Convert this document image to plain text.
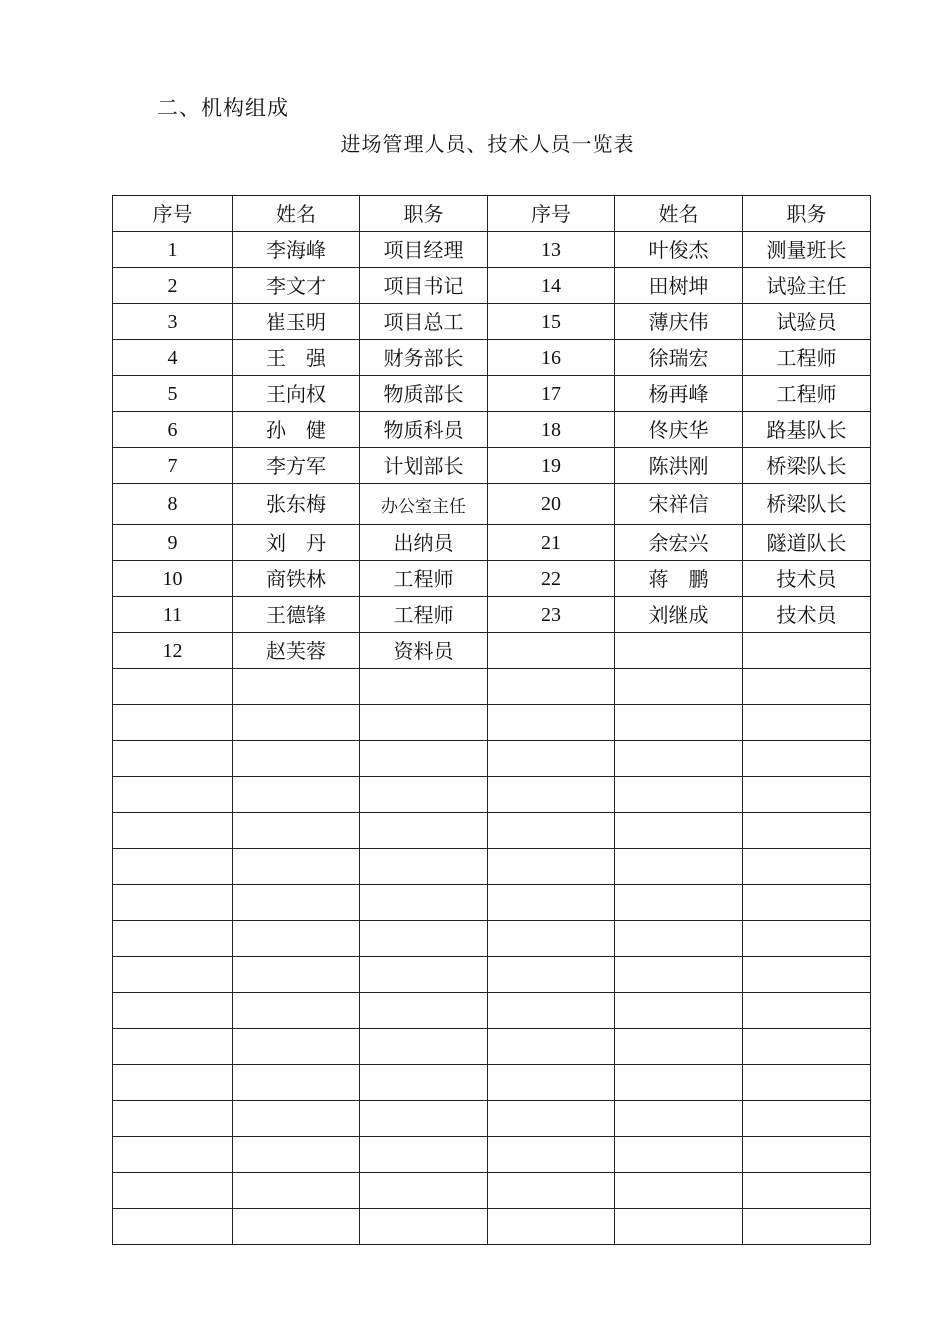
二、机构组成
进场管理人员、技术人员一览表
序号	姓名	职务	序号	姓名	职务
1	李海峰	项目经理	13	叶俊杰	测量班长
2	李文才	项目书记	14	田树坤	试验主任
3	崔玉明	项目总工	15	薄庆伟	试验员
4	王　强	财务部长	16	徐瑞宏	工程师
5	王向权	物质部长	17	杨再峰	工程师
6	孙　健	物质科员	18	佟庆华	路基队长
7	李方军	计划部长	19	陈洪刚	桥梁队长
8	张东梅	办公室主任	20	宋祥信	桥梁队长
9	刘　丹	出纳员	21	余宏兴	隧道队长
10	商铁林	工程师	22	蒋　鹏	技术员
11	王德锋	工程师	23	刘继成	技术员
12	赵芙蓉	资料员			
